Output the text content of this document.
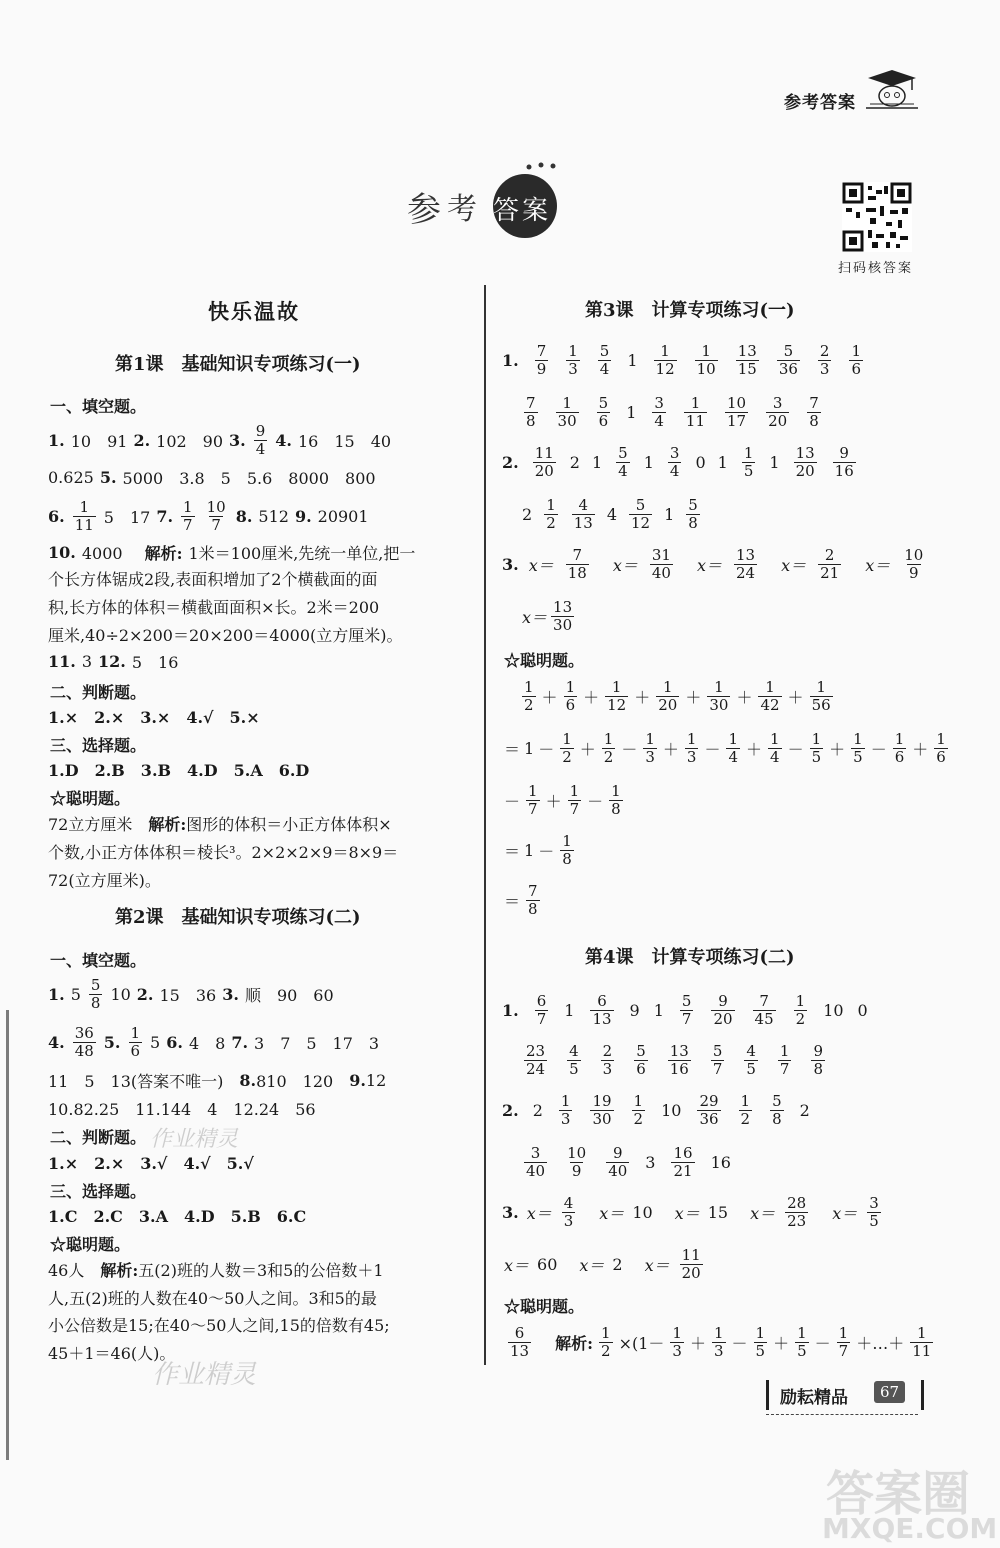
参考答案
参 考 答 案
扫码核答案
快乐温故
第1课　基础知识专项练习(一)
一、填空题。
1. 10　91 2. 102　90 3. $\frac{9}{4} 4$. 16　15　40
0.625 5. 5000　3.8　5　5.6　8000　800
6. $\frac{1}{11} 5$　17 7. $\frac{1}{7} \frac{10}{7} 8$. 512 9. 20901
10. 4000　 解析: 1米＝100厘米,先统一单位,把一
个长方体锯成2段,表面积增加了2个横截面的面
积,长方体的体积＝横截面面积×长。2米＝200
厘米,40÷2×200＝20×200＝4000(立方厘米)。
11. 3 12. 5　16
二、判断题。
1.×　2.×　3.×　4.√　5.×
三、选择题。
1.D　2.B　3.B　4.D　5.A　6.D
☆聪明题。
72立方厘米　 解析: 图形的体积＝小正方体体积×
个数,小正方体体积＝棱长³。2×2×2×9＝8×9＝
72(立方厘米)。
第2课　基础知识专项练习(二)
一、填空题。
1. $5 \frac{5}{8} 10$ 2. 15　36 3. 顺　90　60
4. $\frac{36}{48} 5$. $\frac{1}{6} 5$ 6. 4　8 7. 3　7　5　17　3
11　5　13(答案不唯一)　 8. 810　120　 9. 12
10.82.25　11.144　4　12.24　56
二、判断题。 作业精灵
1.×　2.×　3.√　4.√　5.√
三、选择题。
1.C　2.C　3.A　4.D　5.B　6.C
☆聪明题。
46人　 解析: 五(2)班的人数＝3和5的公倍数＋1
人,五(2)班的人数在40～50人之间。3和5的最
小公倍数是15;在40～50人之间,15的倍数有45;
45＋1＝46(人)。
作业精灵
第3课　计算专项练习(一)
1. $\frac{7}{9} \frac{1}{3} \frac{5}{4} 1 \frac{1}{12} \frac{1}{10} \frac{13}{15} \frac{5}{36} \frac{2}{3} \frac{1}{6}$
$\frac{7}{8} \frac{1}{30} \frac{5}{6} 1 \frac{3}{4} \frac{1}{11} \frac{10}{17} \frac{3}{20} \frac{7}{8}$
2. $\frac{11}{20} 2$ $1 \frac{5}{4} 1 \frac{3}{4} 0$ $1 \frac{1}{5} 1 \frac{13}{20} \frac{9}{16}$
$2 \frac{1}{2} \frac{4}{13} 4 \frac{5}{12} 1 \frac{5}{8}$
3. $x= \frac{7}{18} x= \frac{31}{40} x= \frac{13}{24} x= \frac{2}{21} x= \frac{10}{9}$
$x= \frac{13}{30}$
☆聪明题。
$\frac{1}{2} + \frac{1}{6} + \frac{1}{12} + \frac{1}{20} + \frac{1}{30} + \frac{1}{42} + \frac{1}{56}$
＝ $1 - \frac{1}{2} + \frac{1}{2} - \frac{1}{3} + \frac{1}{3} - \frac{1}{4} + \frac{1}{4} - \frac{1}{5} + \frac{1}{5} - \frac{1}{6} + \frac{1}{6}$
－ $\frac{1}{7} + \frac{1}{7} - \frac{1}{8}$
＝ $1 - \frac{1}{8}$
＝ $\frac{7}{8}$
第4课　计算专项练习(二)
1. $\frac{6}{7} 1 \frac{6}{13} 9$ $1 \frac{5}{7} \frac{9}{20} \frac{7}{45} \frac{1}{2} 10$ 0
$\frac{23}{24} \frac{4}{5} \frac{2}{3} \frac{5}{6} \frac{13}{16} \frac{5}{7} \frac{4}{5} \frac{1}{7} \frac{9}{8}$
2. $2 \frac{1}{3} \frac{19}{30} \frac{1}{2} 10 \frac{29}{36} \frac{1}{2} \frac{5}{8} 2$
$\frac{3}{40} \frac{10}{9} \frac{9}{40} 3 \frac{16}{21} 16$
3. $x= \frac{4}{3} x= 10$ x＝ 15 $x= \frac{28}{23} x= \frac{3}{5}$
x＝ 60 x＝ 2 $x= \frac{11}{20}$
☆聪明题。
$\frac{6}{13}$ 解析: $\frac{1}{2} \times(1- \frac{1}{3} + \frac{1}{3} - \frac{1}{5} + \frac{1}{5} - \frac{1}{7}$ ＋…＋ $\frac{1}{11}$
励耘精品	67
答案圈
MXQE.COM
